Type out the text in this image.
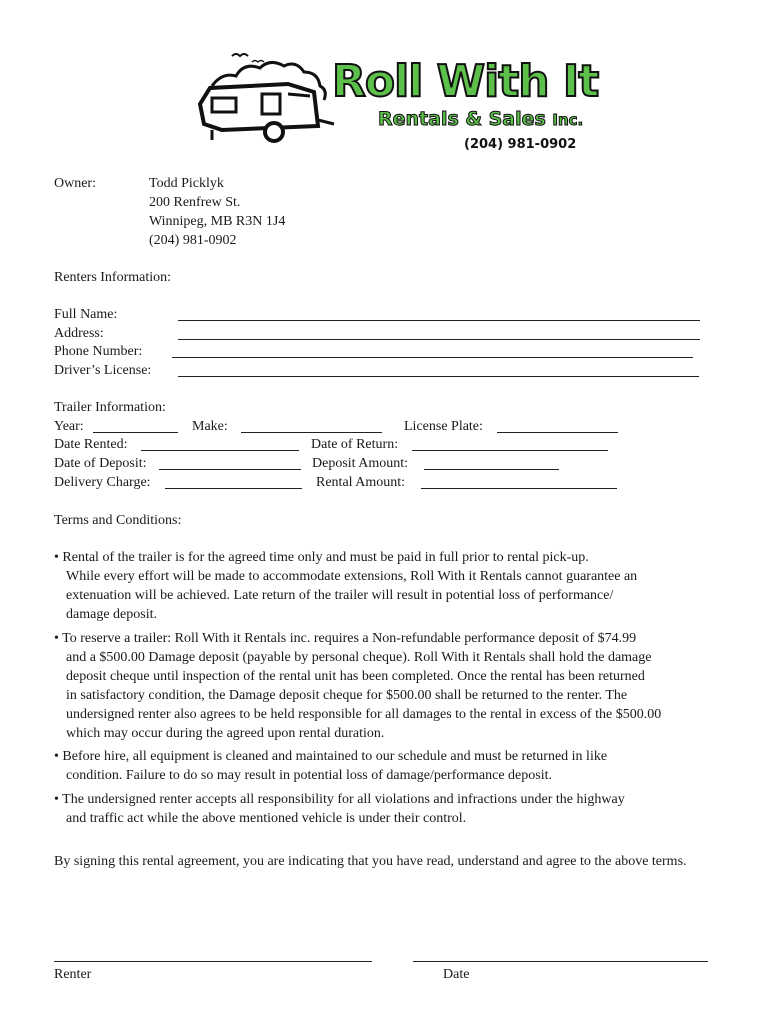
Roll With It
Rentals & Sales Inc.
(204) 981-0902
Owner:	Todd Picklyk
200 Renfrew St.
Winnipeg, MB R3N 1J4
(204) 981-0902
Renters Information:
Full Name:
Address:
Phone Number:
Driver’s License:
Trailer Information:
Year:	Make:	License Plate:
Date Rented:	Date of Return:
Date of Deposit:	Deposit Amount:
Delivery Charge:	Rental Amount:
Terms and Conditions:
• Rental of the trailer is for the agreed time only and must be paid in full prior to rental pick-up.
While every effort will be made to accommodate extensions, Roll With it Rentals cannot guarantee an
extenuation will be achieved. Late return of the trailer will result in potential loss of performance/
damage deposit.
• To reserve a trailer: Roll With it Rentals inc. requires a Non-refundable performance deposit of $74.99
and a $500.00 Damage deposit (payable by personal cheque). Roll With it Rentals shall hold the damage
deposit cheque until inspection of the rental unit has been completed. Once the rental has been returned
in satisfactory condition, the Damage deposit cheque for $500.00 shall be returned to the renter. The
undersigned renter also agrees to be held responsible for all damages to the rental in excess of the $500.00
which may occur during the agreed upon rental duration.
• Before hire, all equipment is cleaned and maintained to our schedule and must be returned in like
condition. Failure to do so may result in potential loss of damage/performance deposit.
• The undersigned renter accepts all responsibility for all violations and infractions under the highway
and traffic act while the above mentioned vehicle is under their control.
By signing this rental agreement, you are indicating that you have read, understand and agree to the above terms.
Renter	Date
